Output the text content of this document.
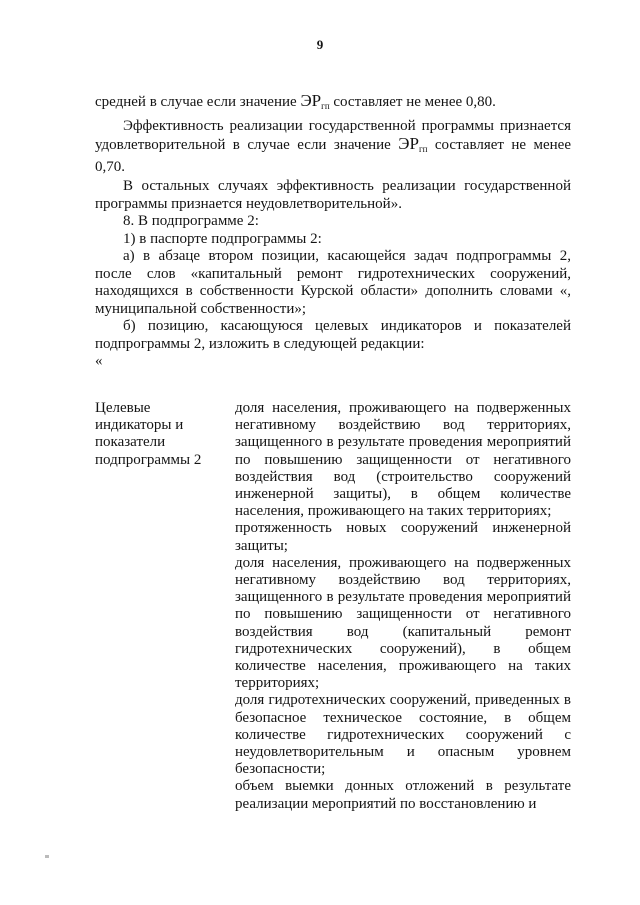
9

средней в случае если значение $ЭР_{гп}$ составляет не менее 0,80.

Эффективность реализации государственной программы признается удовлетворительной в случае если значение $ЭР_{гп}$ составляет не менее 0,70.

В остальных случаях эффективность реализации государственной программы признается неудовлетворительной».

8. В подпрограмме 2:

1) в паспорте подпрограммы 2:

а) в абзаце втором позиции, касающейся задач подпрограммы 2, после слов «капитальный ремонт гидротехнических сооружений, находящихся в собственности Курской области» дополнить словами «, муниципальной собственности»;

б) позицию, касающуюся целевых индикаторов и показателей подпрограммы 2, изложить в следующей редакции:

«

Целевые индикаторы и показатели подпрограммы 2

доля населения, проживающего на подверженных негативному воздействию вод территориях, защищенного в результате проведения мероприятий по повышению защищенности от негативного воздействия вод (строительство сооружений инженерной защиты), в общем количестве населения, проживающего на таких территориях;

протяженность новых сооружений инженерной защиты;

доля населения, проживающего на подверженных негативному воздействию вод территориях, защищенного в результате проведения мероприятий по повышению защищенности от негативного воздействия вод (капитальный ремонт гидротехнических сооружений), в общем количестве населения, проживающего на таких территориях;

доля гидротехнических сооружений, приведенных в безопасное техническое состояние, в общем количестве гидротехнических сооружений с неудовлетворительным и опасным уровнем безопасности;

объем выемки донных отложений в результате реализации мероприятий по восстановлению и
